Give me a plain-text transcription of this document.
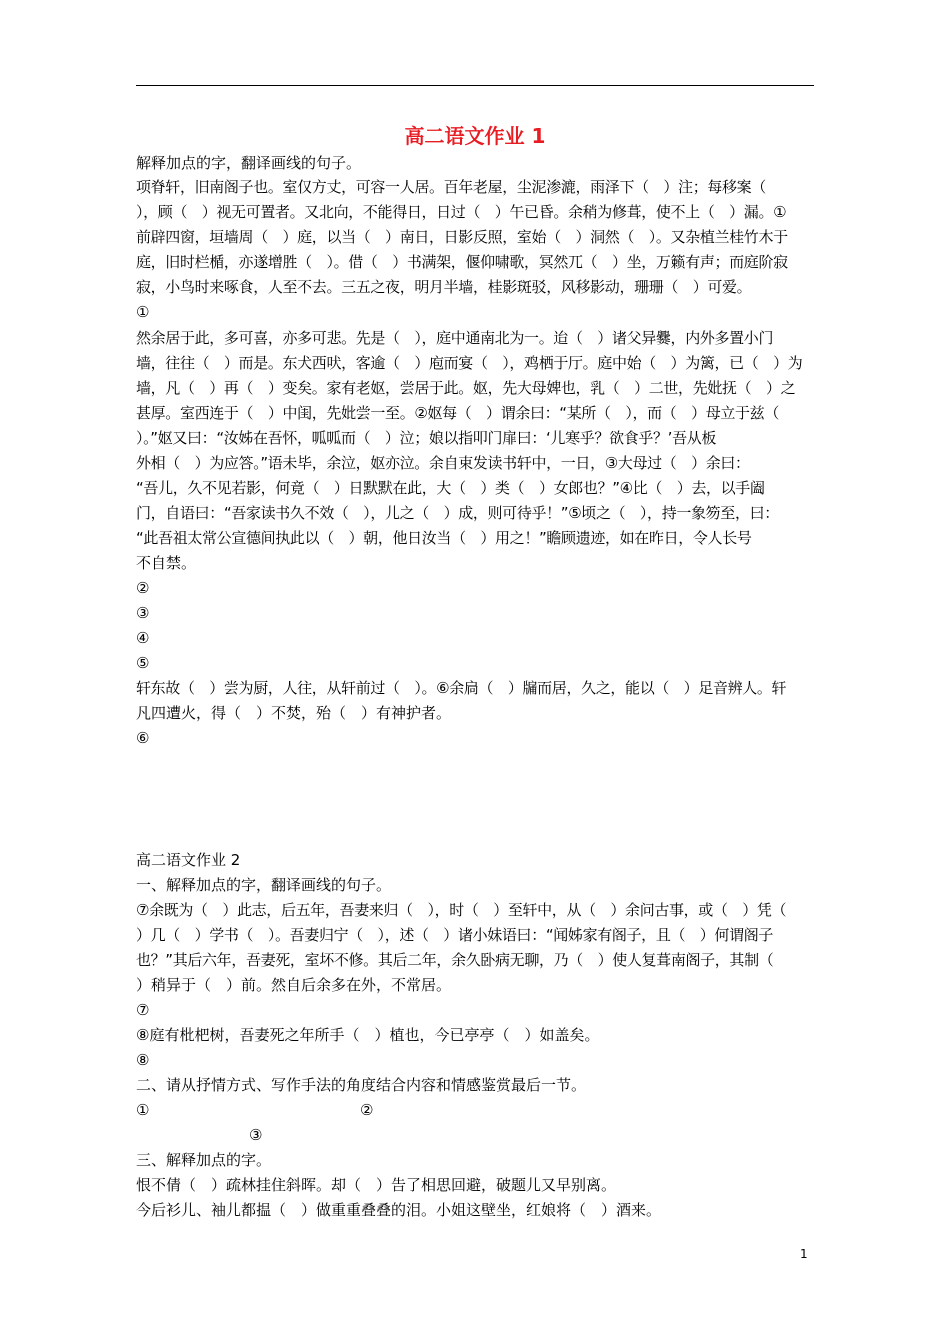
高二语文作业 1
解释加点的字，翻译画线的句子。
项脊轩，旧南阁子也。室仅方丈，可容一人居。百年老屋，尘泥渗漉，雨泽下（　）注；每移案（
），顾（　）视无可置者。又北向，不能得日，日过（　）午已昏。余稍为修葺，使不上（　）漏。①
前辟四窗，垣墙周（　）庭，以当（　）南日，日影反照，室始（　）洞然（　）。又杂植兰桂竹木于
庭，旧时栏楯，亦遂增胜（　）。借（　）书满架，偃仰啸歌，冥然兀（　）坐，万籁有声；而庭阶寂
寂，小鸟时来啄食，人至不去。三五之夜，明月半墙，桂影斑驳，风移影动，珊珊（　）可爱。
①
然余居于此，多可喜，亦多可悲。先是（　），庭中通南北为一。迨（　）诸父异爨，内外多置小门
墙，往往（　）而是。东犬西吠，客逾（　）庖而宴（　），鸡栖于厅。庭中始（　）为篱，已（　）为
墙，凡（　）再（　）变矣。家有老妪，尝居于此。妪，先大母婢也，乳（　）二世，先妣抚（　）之
甚厚。室西连于（　）中闺，先妣尝一至。②妪每（　）谓余曰：“某所（　），而（　）母立于兹（
）。”妪又曰：“汝姊在吾怀，呱呱而（　）泣；娘以指叩门扉曰：‘儿寒乎？欲食乎？’吾从板
外相（　）为应答。”语未毕，余泣，妪亦泣。余自束发读书轩中，一日，③大母过（　）余曰：
“吾儿，久不见若影，何竟（　）日默默在此，大（　）类（　）女郎也？”④比（　）去，以手阖
门，自语曰：“吾家读书久不效（　），儿之（　）成，则可待乎！”⑤顷之（　），持一象笏至，曰：
“此吾祖太常公宣德间执此以（　）朝，他日汝当（　）用之！”瞻顾遗迹，如在昨日，令人长号
不自禁。
②
③
④
⑤
轩东故（　）尝为厨，人往，从轩前过（　）。⑥余扃（　）牖而居，久之，能以（　）足音辨人。轩
凡四遭火，得（　）不焚，殆（　）有神护者。
⑥
高二语文作业 2
一、解释加点的字，翻译画线的句子。
⑦余既为（　）此志，后五年，吾妻来归（　），时（　）至轩中，从（　）余问古事，或（　）凭（
）几（　）学书（　）。吾妻归宁（　），述（　）诸小妹语曰：“闻姊家有阁子，且（　）何谓阁子
也？”其后六年，吾妻死，室坏不修。其后二年，余久卧病无聊，乃（　）使人复葺南阁子，其制（
）稍异于（　）前。然自后余多在外，不常居。
⑦
⑧庭有枇杷树，吾妻死之年所手（　）植也，今已亭亭（　）如盖矣。
⑧
二、请从抒情方式、写作手法的角度结合内容和情感鉴赏最后一节。
①	②
③
三、解释加点的字。
恨不倩（　）疏林挂住斜晖。却（　）告了相思回避，破题儿又早别离。
今后衫儿、袖儿都揾（　）做重重叠叠的泪。小姐这壁坐，红娘将（　）酒来。
1
